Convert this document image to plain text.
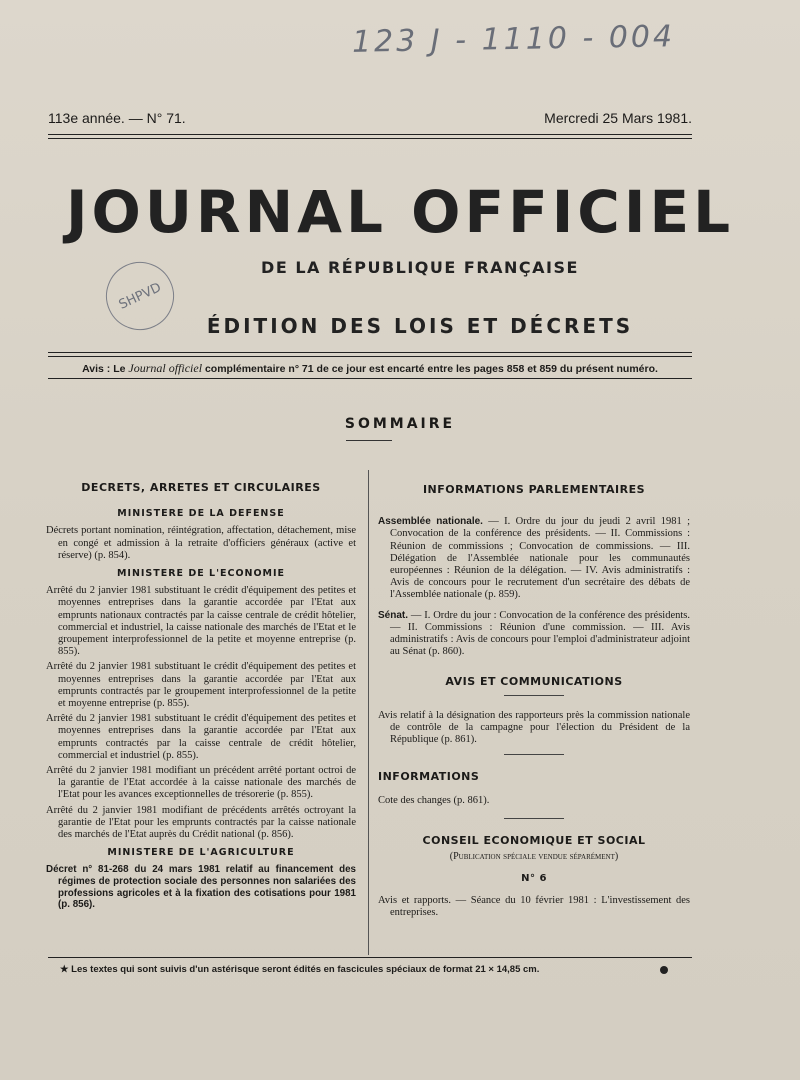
123 J - 1110 - 004
113e année. — N° 71.	Mercredi 25 Mars 1981.
JOURNAL OFFICIEL
DE LA RÉPUBLIQUE FRANÇAISE
ÉDITION DES LOIS ET DÉCRETS
SHPVD
Avis : Le Journal officiel complémentaire n° 71 de ce jour est encarté entre les pages 858 et 859 du présent numéro.
SOMMAIRE
DECRETS, ARRETES ET CIRCULAIRES
MINISTERE DE LA DEFENSE
Décrets portant nomination, réintégration, affectation, détachement, mise en congé et admission à la retraite d'officiers généraux (active et réserve) (p. 854).
MINISTERE DE L'ECONOMIE
Arrêté du 2 janvier 1981 substituant le crédit d'équipement des petites et moyennes entreprises dans la garantie accordée par l'Etat aux emprunts nationaux contractés par la caisse centrale de crédit hôtelier, commercial et industriel, la caisse nationale des marchés de l'Etat et le groupement interprofessionnel de la petite et moyenne entreprise (p. 855).
Arrêté du 2 janvier 1981 substituant le crédit d'équipement des petites et moyennes entreprises dans la garantie accordée par l'Etat aux emprunts contractés par le groupement interprofessionnel de la petite et moyenne entreprise (p. 855).
Arrêté du 2 janvier 1981 substituant le crédit d'équipement des petites et moyennes entreprises dans la garantie accordée par l'Etat aux emprunts contractés par la caisse centrale de crédit hôtelier, commercial et industriel (p. 855).
Arrêté du 2 janvier 1981 modifiant un précédent arrêté portant octroi de la garantie de l'Etat accordée à la caisse nationale des marchés de l'Etat pour les avances exceptionnelles de trésorerie (p. 855).
Arrêté du 2 janvier 1981 modifiant de précédents arrêtés octroyant la garantie de l'Etat pour les emprunts contractés par la caisse nationale des marchés de l'Etat auprès du Crédit national (p. 856).
MINISTERE DE L'AGRICULTURE
Décret n° 81-268 du 24 mars 1981 relatif au financement des régimes de protection sociale des personnes non salariées des professions agricoles et à la fixation des cotisations pour 1981 (p. 856).
INFORMATIONS PARLEMENTAIRES
Assemblée nationale. — I. Ordre du jour du jeudi 2 avril 1981 ; Convocation de la conférence des présidents. — II. Commissions : Réunion de commissions ; Convocation de commissions. — III. Délégation de l'Assemblée nationale pour les communautés européennes : Réunion de la délégation. — IV. Avis administratifs : Avis de concours pour le recrutement d'un secrétaire des débats de l'Assemblée nationale (p. 859).
Sénat. — I. Ordre du jour : Convocation de la conférence des présidents. — II. Commissions : Réunion d'une commission. — III. Avis administratifs : Avis de concours pour l'emploi d'administrateur adjoint au Sénat (p. 860).
AVIS ET COMMUNICATIONS
Avis relatif à la désignation des rapporteurs près la commission nationale de contrôle de la campagne pour l'élection du Président de la République (p. 861).
INFORMATIONS
Cote des changes (p. 861).
CONSEIL ECONOMIQUE ET SOCIAL
(Publication spéciale vendue séparément)
N° 6
Avis et rapports. — Séance du 10 février 1981 : L'investissement des entreprises.
★ Les textes qui sont suivis d'un astérisque seront édités en fascicules spéciaux de format 21 × 14,85 cm.
